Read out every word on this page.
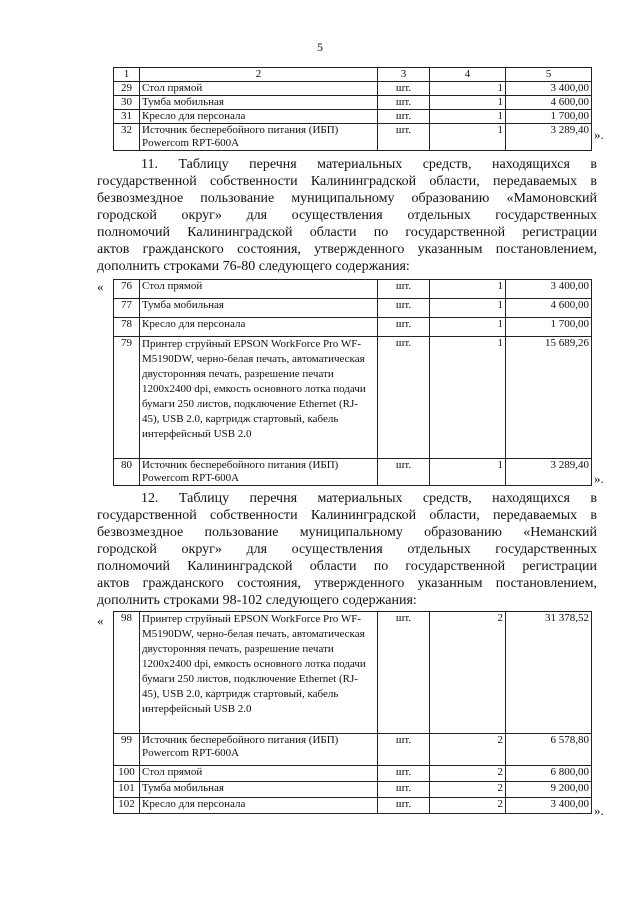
5
1	2	3	4	5
29	Стол прямой	шт.	1	3 400,00
30	Тумба мобильная	шт.	1	4 600,00
31	Кресло для персонала	шт.	1	1 700,00
32	Источник бесперебойного питания (ИБП) Powercom RPT-600A	шт.	1	3 289,40 ».
11. Таблицу перечня материальных средств, находящихся в
государственной собственности Калининградской области, передаваемых в
безвозмездное пользование муниципальному образованию «Мамоновский
городской округ» для осуществления отдельных государственных
полномочий Калининградской области по государственной регистрации
актов гражданского состояния, утвержденного указанным постановлением,
дополнить строками 76-80 следующего содержания:
« 76	Стол прямой	шт.	1	3 400,00
77	Тумба мобильная	шт.	1	4 600,00
78	Кресло для персонала	шт.	1	1 700,00
79	Принтер струйный EPSON WorkForce Pro WF-M5190DW, черно-белая печать, автоматическая двусторонняя печать, разрешение печати 1200x2400 dpi, емкость основного лотка подачи бумаги 250 листов, подключение Ethernet (RJ-45), USB 2.0, картридж стартовый, кабель интерфейсный USB 2.0	шт.	1	15 689,26
80	Источник бесперебойного питания (ИБП) Powercom RPT-600A	шт.	1	3 289,40
».
12. Таблицу перечня материальных средств, находящихся в
государственной собственности Калининградской области, передаваемых в
безвозмездное пользование муниципальному образованию «Неманский
городской округ» для осуществления отдельных государственных
полномочий Калининградской области по государственной регистрации
актов гражданского состояния, утвержденного указанным постановлением,
дополнить строками 98-102 следующего содержания:
« 98	Принтер струйный EPSON WorkForce Pro WF-M5190DW, черно-белая печать, автоматическая двусторонняя печать, разрешение печати 1200x2400 dpi, емкость основного лотка подачи бумаги 250 листов, подключение Ethernet (RJ-45), USB 2.0, картридж стартовый, кабель интерфейсный USB 2.0	шт.	2	31 378,52
99	Источник бесперебойного питания (ИБП) Powercom RPT-600A	шт.	2	6 578,80
100	Стол прямой	шт.	2	6 800,00
101	Тумба мобильная	шт.	2	9 200,00
102	Кресло для персонала	шт.	2	3 400,00 ».
